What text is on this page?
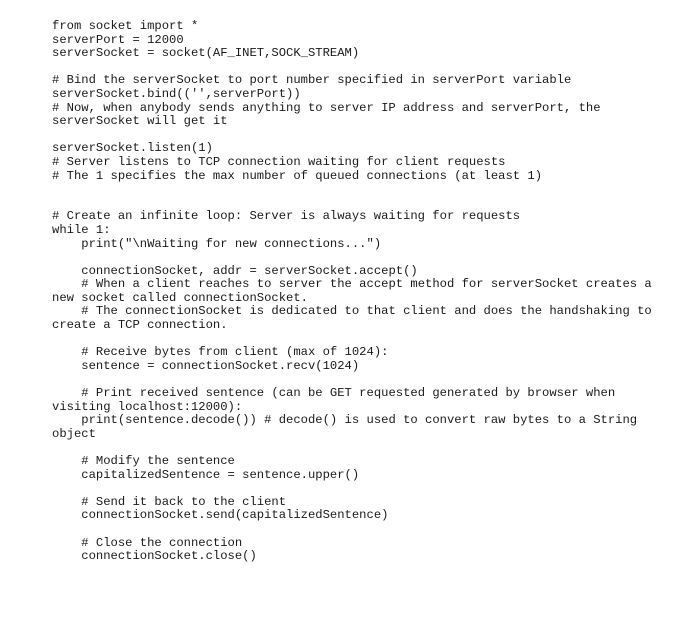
from socket import *
serverPort = 12000
serverSocket = socket(AF_INET,SOCK_STREAM)
# Bind the serverSocket to port number specified in serverPort variable
serverSocket.bind(('',serverPort))
# Now, when anybody sends anything to server IP address and serverPort, the serverSocket will get it
serverSocket.listen(1)
# Server listens to TCP connection waiting for client requests
# The 1 specifies the max number of queued connections (at least 1)
# Create an infinite loop: Server is always waiting for requests
while 1:
print("\nWaiting for new connections...")
connectionSocket, addr = serverSocket.accept()
# When a client reaches to server the accept method for serverSocket creates a new socket called connectionSocket.
# The connectionSocket is dedicated to that client and does the handshaking to create a TCP connection.
# Receive bytes from client (max of 1024):
sentence = connectionSocket.recv(1024)
# Print received sentence (can be GET requested generated by browser when visiting localhost:12000):
print(sentence.decode()) # decode() is used to convert raw bytes to a String object
# Modify the sentence
capitalizedSentence = sentence.upper()
# Send it back to the client
connectionSocket.send(capitalizedSentence)
# Close the connection
connectionSocket.close()
